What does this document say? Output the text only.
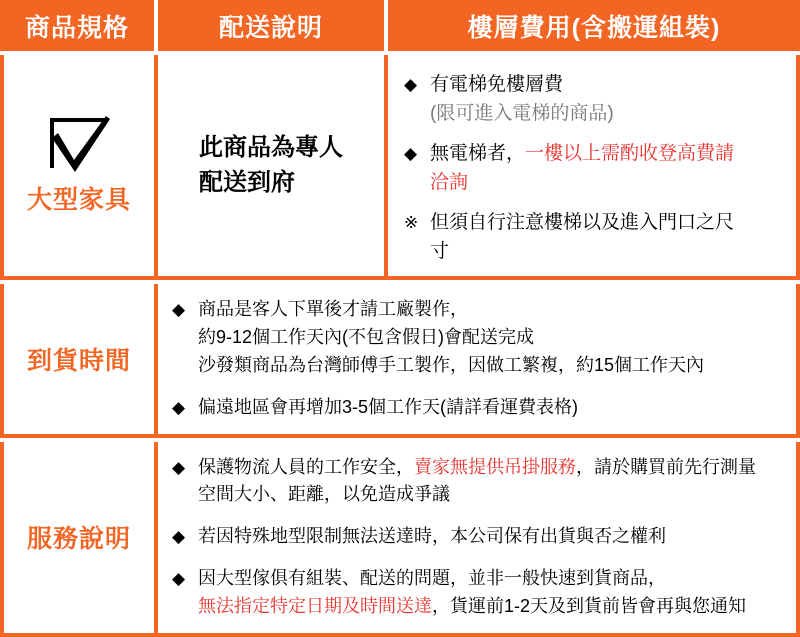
商品規格	配送說明	樓層費用(含搬運組裝)
大型家具
此商品為專人
配送到府
◆ 有電梯免樓層費
(限可進入電梯的商品)
◆ 無電梯者，一樓以上需酌收登高費請
洽詢
※ 但須自行注意樓梯以及進入門口之尺
寸
到貨時間
◆ 商品是客人下單後才請工廠製作，
約9-12個工作天內(不包含假日)會配送完成
沙發類商品為台灣師傅手工製作，因做工繁複，約15個工作天內
◆ 偏遠地區會再增加3-5個工作天(請詳看運費表格)
服務說明
◆ 保護物流人員的工作安全，賣家無提供吊掛服務，請於購買前先行測量
空間大小、距離，以免造成爭議
◆ 若因特殊地型限制無法送達時，本公司保有出貨與否之權利
◆ 因大型傢俱有組裝、配送的問題，並非一般快速到貨商品，
無法指定特定日期及時間送達，貨運前1-2天及到貨前皆會再與您通知
